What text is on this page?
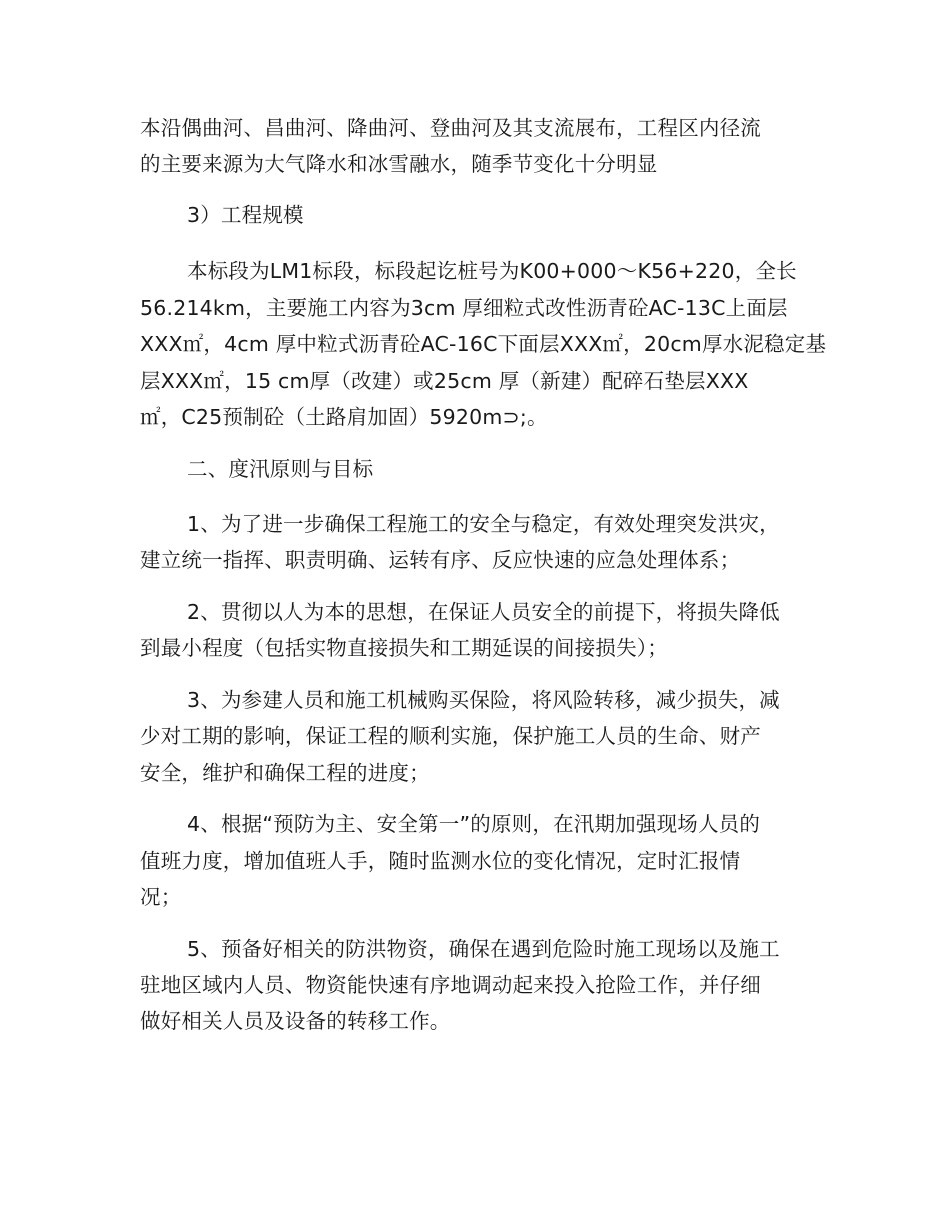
本沿偶曲河、昌曲河、降曲河、登曲河及其支流展布，工程区内径流
的主要来源为大气降水和冰雪融水，随季节变化十分明显
3）工程规模
本标段为LM1标段，标段起讫桩号为K00+000～K56+220，全长
56.214km，主要施工内容为3cm 厚细粒式改性沥青砼AC-13C上面层
XXX㎡，4cm 厚中粒式沥青砼AC-16C下面层XXX㎡，20cm厚水泥稳定基
层XXX㎡，15 cm厚（改建）或25cm 厚（新建）配碎石垫层XXX
㎡，C25预制砼（土路肩加固）5920m⊃;。
二、度汛原则与目标
1、为了进一步确保工程施工的安全与稳定，有效处理突发洪灾，
建立统一指挥、职责明确、运转有序、反应快速的应急处理体系；
2、贯彻以人为本的思想，在保证人员安全的前提下，将损失降低
到最小程度（包括实物直接损失和工期延误的间接损失）；
3、为参建人员和施工机械购买保险，将风险转移，减少损失，减
少对工期的影响，保证工程的顺利实施，保护施工人员的生命、财产
安全，维护和确保工程的进度；
4、根据“预防为主、安全第一”的原则，在汛期加强现场人员的
值班力度，增加值班人手，随时监测水位的变化情况，定时汇报情
况；
5、预备好相关的防洪物资，确保在遇到危险时施工现场以及施工
驻地区域内人员、物资能快速有序地调动起来投入抢险工作，并仔细
做好相关人员及设备的转移工作。
